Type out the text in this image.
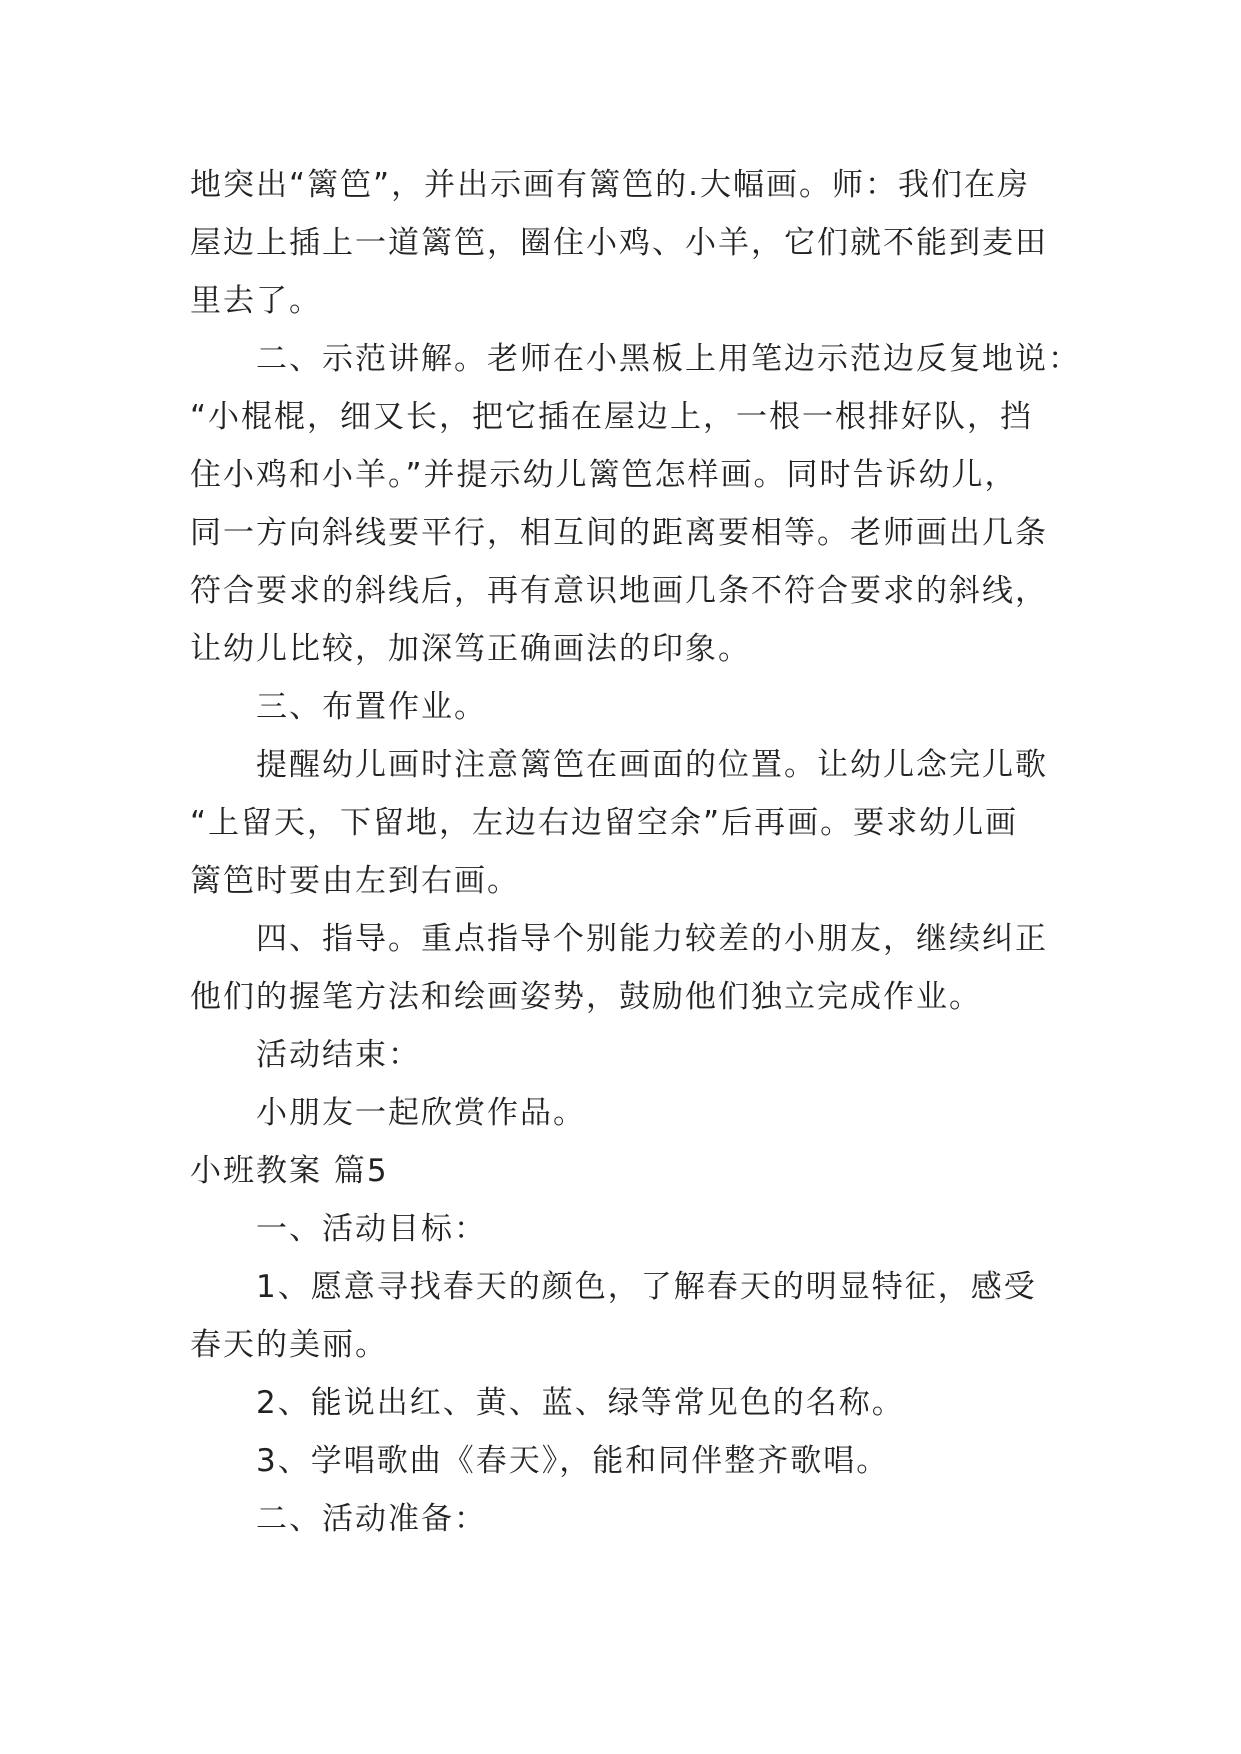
地突出“篱笆”，并出示画有篱笆的.大幅画。师：我们在房
屋边上插上一道篱笆，圈住小鸡、小羊，它们就不能到麦田
里去了。
二、示范讲解。老师在小黑板上用笔边示范边反复地说：
“小棍棍，细又长，把它插在屋边上，一根一根排好队，挡
住小鸡和小羊。”并提示幼儿篱笆怎样画。同时告诉幼儿，
同一方向斜线要平行，相互间的距离要相等。老师画出几条
符合要求的斜线后，再有意识地画几条不符合要求的斜线，
让幼儿比较，加深笃正确画法的印象。
三、布置作业。
提醒幼儿画时注意篱笆在画面的位置。让幼儿念完儿歌
“上留天，下留地，左边右边留空余”后再画。要求幼儿画
篱笆时要由左到右画。
四、指导。重点指导个别能力较差的小朋友，继续纠正
他们的握笔方法和绘画姿势，鼓励他们独立完成作业。
活动结束：
小朋友一起欣赏作品。
小班教案 篇5
一、活动目标：
1、愿意寻找春天的颜色，了解春天的明显特征，感受
春天的美丽。
2、能说出红、黄、蓝、绿等常见色的名称。
3、学唱歌曲《春天》，能和同伴整齐歌唱。
二、活动准备：
